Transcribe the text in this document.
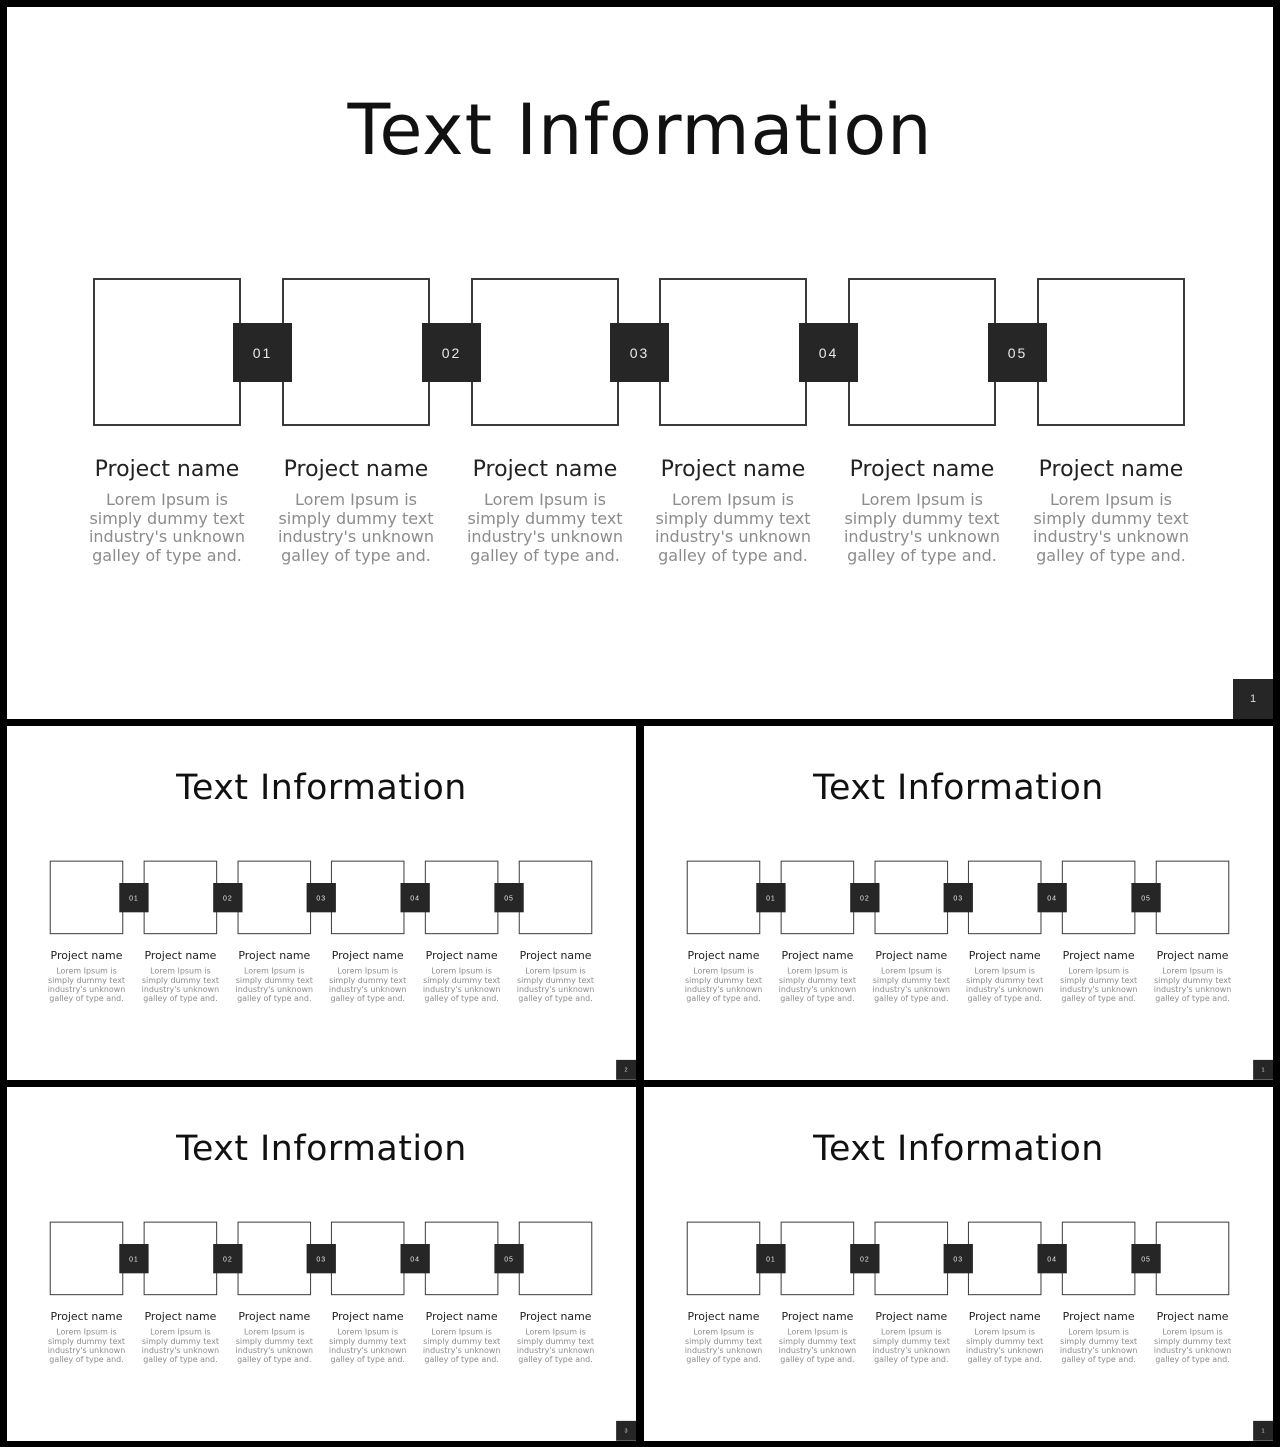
Text Information
01	02	03	04	05

Project name

Lorem Ipsum is simply dummy text industry's unknown galley of type and.

Project name

Lorem Ipsum is simply dummy text industry's unknown galley of type and.

Project name

Lorem Ipsum is simply dummy text industry's unknown galley of type and.

Project name

Lorem Ipsum is simply dummy text industry's unknown galley of type and.

Project name

Lorem Ipsum is simply dummy text industry's unknown galley of type and.

Project name

Lorem Ipsum is simply dummy text industry's unknown galley of type and.

1
Text Information
01	02	03	04	05

Project name

Lorem Ipsum is simply dummy text industry's unknown galley of type and.

Project name

Lorem Ipsum is simply dummy text industry's unknown galley of type and.

Project name

Lorem Ipsum is simply dummy text industry's unknown galley of type and.

Project name

Lorem Ipsum is simply dummy text industry's unknown galley of type and.

Project name

Lorem Ipsum is simply dummy text industry's unknown galley of type and.

Project name

Lorem Ipsum is simply dummy text industry's unknown galley of type and.

2
Text Information
01	02	03	04	05

Project name

Lorem Ipsum is simply dummy text industry's unknown galley of type and.

Project name

Lorem Ipsum is simply dummy text industry's unknown galley of type and.

Project name

Lorem Ipsum is simply dummy text industry's unknown galley of type and.

Project name

Lorem Ipsum is simply dummy text industry's unknown galley of type and.

Project name

Lorem Ipsum is simply dummy text industry's unknown galley of type and.

Project name

Lorem Ipsum is simply dummy text industry's unknown galley of type and.

1
Text Information
01	02	03	04	05

Project name

Lorem Ipsum is simply dummy text industry's unknown galley of type and.

Project name

Lorem Ipsum is simply dummy text industry's unknown galley of type and.

Project name

Lorem Ipsum is simply dummy text industry's unknown galley of type and.

Project name

Lorem Ipsum is simply dummy text industry's unknown galley of type and.

Project name

Lorem Ipsum is simply dummy text industry's unknown galley of type and.

Project name

Lorem Ipsum is simply dummy text industry's unknown galley of type and.

3
Text Information
01	02	03	04	05

Project name

Lorem Ipsum is simply dummy text industry's unknown galley of type and.

Project name

Lorem Ipsum is simply dummy text industry's unknown galley of type and.

Project name

Lorem Ipsum is simply dummy text industry's unknown galley of type and.

Project name

Lorem Ipsum is simply dummy text industry's unknown galley of type and.

Project name

Lorem Ipsum is simply dummy text industry's unknown galley of type and.

Project name

Lorem Ipsum is simply dummy text industry's unknown galley of type and.

1
